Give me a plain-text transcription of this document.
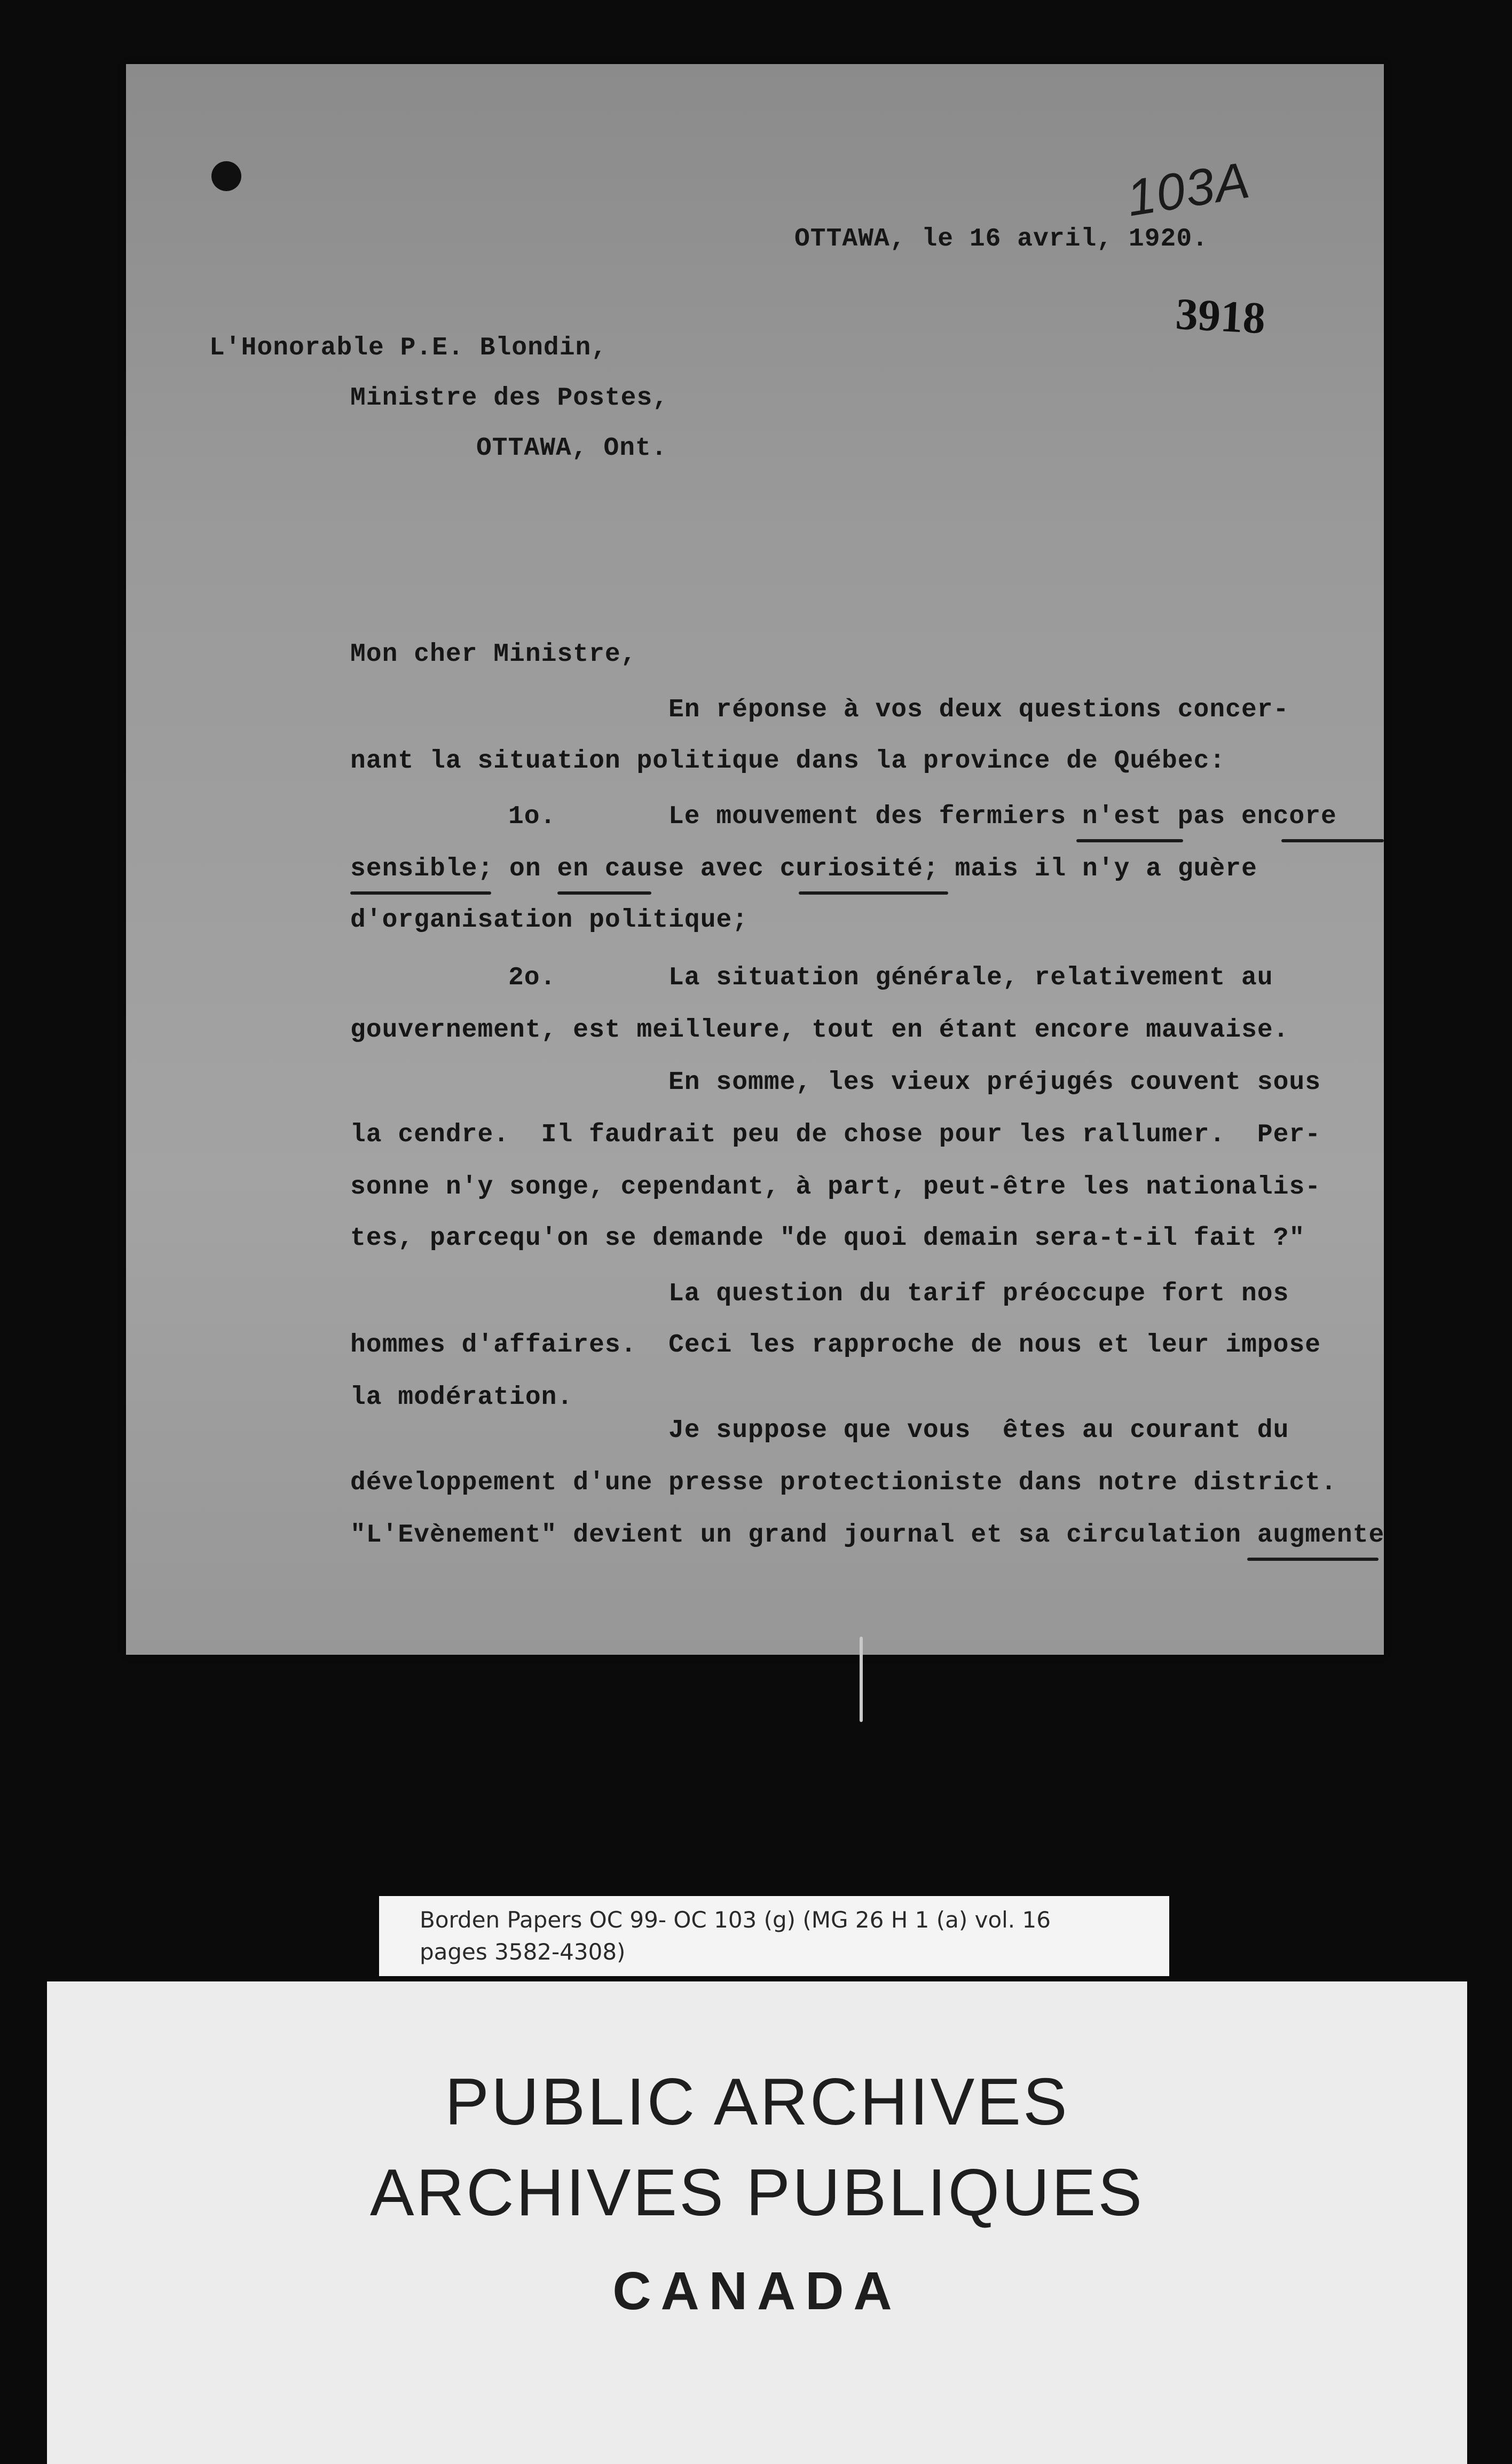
103A
3918
OTTAWA, le 16 avril, 1920.
L'Honorable P.E. Blondin,
Ministre des Postes,
OTTAWA, Ont.
Mon cher Ministre,
En réponse à vos deux questions concer-
nant la situation politique dans la province de Québec:
1o.	Le mouvement des fermiers n'est pas encore
sensible; on en cause avec curiosité; mais il n'y a guère
d'organisation politique;
2o.	La situation générale, relativement au
gouvernement, est meilleure, tout en étant encore mauvaise.
En somme, les vieux préjugés couvent sous
la cendre.  Il faudrait peu de chose pour les rallumer.  Per-
sonne n'y songe, cependant, à part, peut-être les nationalis-
tes, parcequ'on se demande "de quoi demain sera-t-il fait ?"
La question du tarif préoccupe fort nos
hommes d'affaires.  Ceci les rapproche de nous et leur impose
la modération.
Je suppose que vous  êtes au courant du
développement d'une presse protectioniste dans notre district.
"L'Evènement" devient un grand journal et sa circulation augmente
Borden Papers OC 99- OC 103 (g) (MG 26 H 1 (a) vol. 16
pages 3582-4308)
PUBLIC ARCHIVES
ARCHIVES PUBLIQUES
CANADA
